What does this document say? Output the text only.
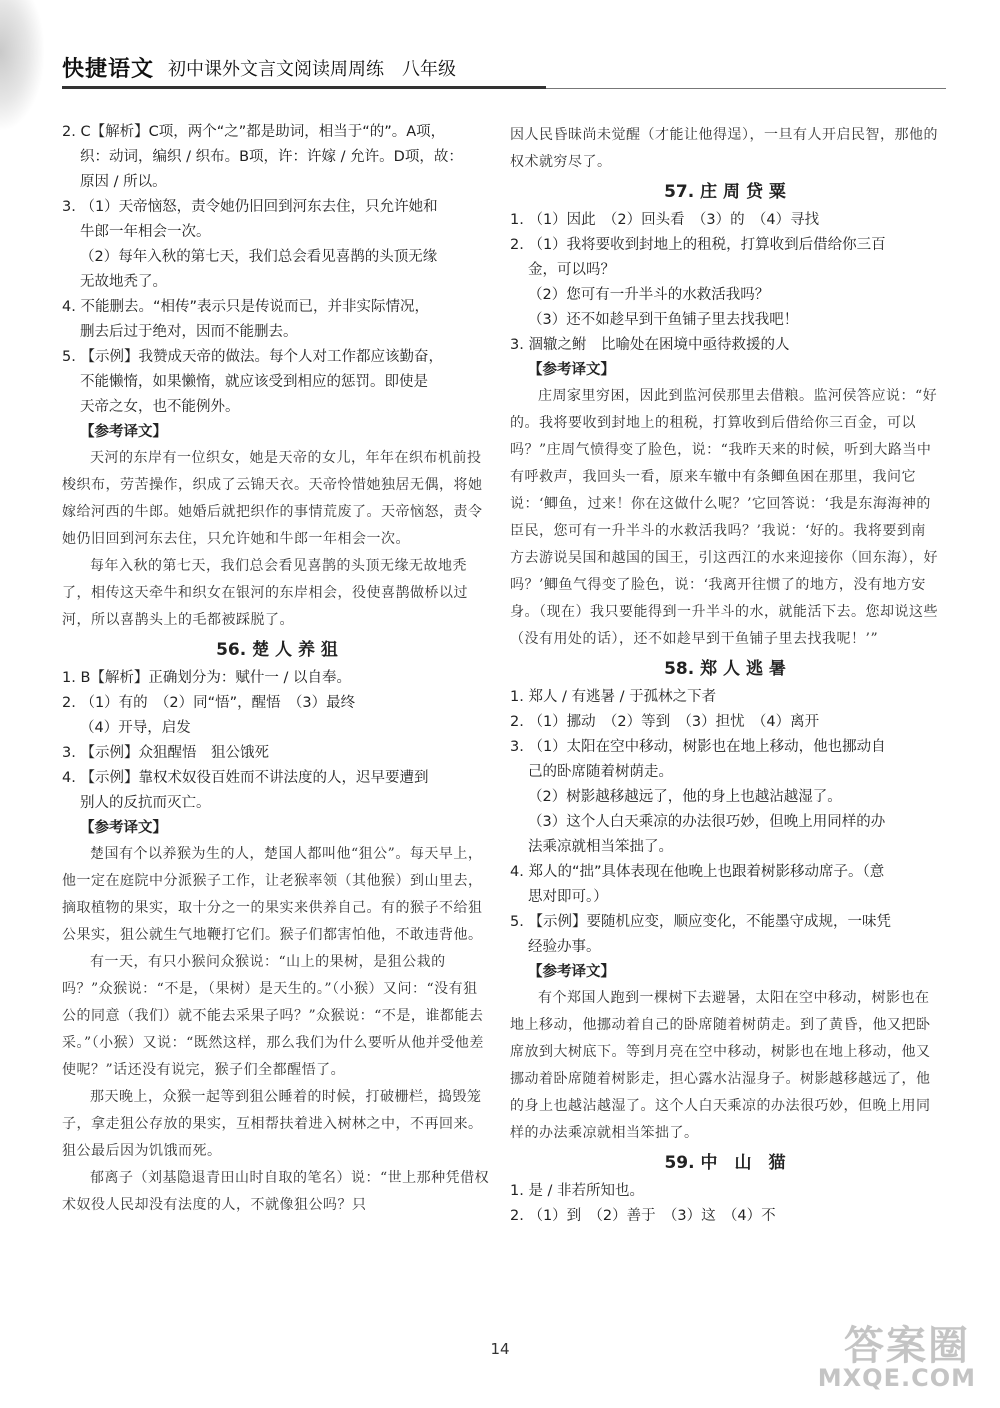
快捷语文 初中课外文言文阅读周周练　八年级

2. C【解析】C项，两个“之”都是助词，相当于“的”。A项，

织：动词，编织 / 织布。B项，许：许嫁 / 允许。D项，故：

原因 / 所以。

3. （1）天帝恼怒，责令她仍旧回到河东去住，只允许她和

牛郎一年相会一次。

（2）每年入秋的第七天，我们总会看见喜鹊的头顶无缘

无故地秃了。

4. 不能删去。“相传”表示只是传说而已，并非实际情况，

删去后过于绝对，因而不能删去。

5. 【示例】我赞成天帝的做法。每个人对工作都应该勤奋，

不能懒惰，如果懒惰，就应该受到相应的惩罚。即使是

天帝之女，也不能例外。

【参考译文】

天河的东岸有一位织女，她是天帝的女儿，年年在织布机前投梭织布，劳苦操作，织成了云锦天衣。天帝怜惜她独居无偶，将她嫁给河西的牛郎。她婚后就把织作的事情荒废了。天帝恼怒，责令她仍旧回到河东去住，只允许她和牛郎一年相会一次。

每年入秋的第七天，我们总会看见喜鹊的头顶无缘无故地秃了，相传这天牵牛和织女在银河的东岸相会，役使喜鹊做桥以过河，所以喜鹊头上的毛都被踩脱了。

56. 楚 人 养 狙

1. B【解析】正确划分为：赋什一 / 以自奉。

2. （1）有的　（2）同“悟”，醒悟　（3）最终

（4）开导，启发

3. 【示例】众狙醒悟　狙公饿死

4. 【示例】靠权术奴役百姓而不讲法度的人，迟早要遭到

别人的反抗而灭亡。

【参考译文】

楚国有个以养猴为生的人，楚国人都叫他“狙公”。每天早上，他一定在庭院中分派猴子工作，让老猴率领（其他猴）到山里去，摘取植物的果实，取十分之一的果实来供养自己。有的猴子不给狙公果实，狙公就生气地鞭打它们。猴子们都害怕他，不敢违背他。

有一天，有只小猴问众猴说：“山上的果树，是狙公栽的吗？”众猴说：“不是，（果树）是天生的。”（小猴）又问：“没有狙公的同意（我们）就不能去采果子吗？”众猴说：“不是，谁都能去采。”（小猴）又说：“既然这样，那么我们为什么要听从他并受他差使呢？”话还没有说完，猴子们全都醒悟了。

那天晚上，众猴一起等到狙公睡着的时候，打破栅栏，捣毁笼子，拿走狙公存放的果实，互相帮扶着进入树林之中，不再回来。狙公最后因为饥饿而死。

郁离子（刘基隐退青田山时自取的笔名）说：“世上那种凭借权术奴役人民却没有法度的人，不就像狙公吗？只

因人民昏昧尚未觉醒（才能让他得逞），一旦有人开启民智，那他的权术就穷尽了。

57. 庄 周 贷 粟

1. （1）因此　（2）回头看　（3）的　（4）寻找

2. （1）我将要收到封地上的租税，打算收到后借给你三百

金，可以吗？

（2）您可有一升半斗的水救活我吗？

（3）还不如趁早到干鱼铺子里去找我吧！

3. 涸辙之鲋　比喻处在困境中亟待救援的人

【参考译文】

庄周家里穷困，因此到监河侯那里去借粮。监河侯答应说：“好的。我将要收到封地上的租税，打算收到后借给你三百金，可以吗？”庄周气愤得变了脸色，说：“我昨天来的时候，听到大路当中有呼救声，我回头一看，原来车辙中有条鲫鱼困在那里，我问它说：‘鲫鱼，过来！你在这做什么呢？’它回答说：‘我是东海海神的臣民，您可有一升半斗的水救活我吗？’我说：‘好的。我将要到南方去游说吴国和越国的国王，引这西江的水来迎接你（回东海），好吗？’鲫鱼气得变了脸色，说：‘我离开往惯了的地方，没有地方安身。（现在）我只要能得到一升半斗的水，就能活下去。您却说这些（没有用处的话），还不如趁早到干鱼铺子里去找我呢！’”

58. 郑 人 逃 暑

1. 郑人 / 有逃暑 / 于孤林之下者

2. （1）挪动　（2）等到　（3）担忧　（4）离开

3. （1）太阳在空中移动，树影也在地上移动，他也挪动自

己的卧席随着树荫走。

（2）树影越移越远了，他的身上也越沾越湿了。

（3）这个人白天乘凉的办法很巧妙，但晚上用同样的办

法乘凉就相当笨拙了。

4. 郑人的“拙”具体表现在他晚上也跟着树影移动席子。（意

思对即可。）

5. 【示例】要随机应变，顺应变化，不能墨守成规，一味凭

经验办事。

【参考译文】

有个郑国人跑到一棵树下去避暑，太阳在空中移动，树影也在地上移动，他挪动着自己的卧席随着树荫走。到了黄昏，他又把卧席放到大树底下。等到月亮在空中移动，树影也在地上移动，他又挪动着卧席随着树影走，担心露水沾湿身子。树影越移越远了，他的身上也越沾越湿了。这个人白天乘凉的办法很巧妙，但晚上用同样的办法乘凉就相当笨拙了。

59. 中　山　猫

1. 是 / 非若所知也。

2. （1）到　（2）善于　（3）这　（4）不

14	答案圈
MXQE.COM
